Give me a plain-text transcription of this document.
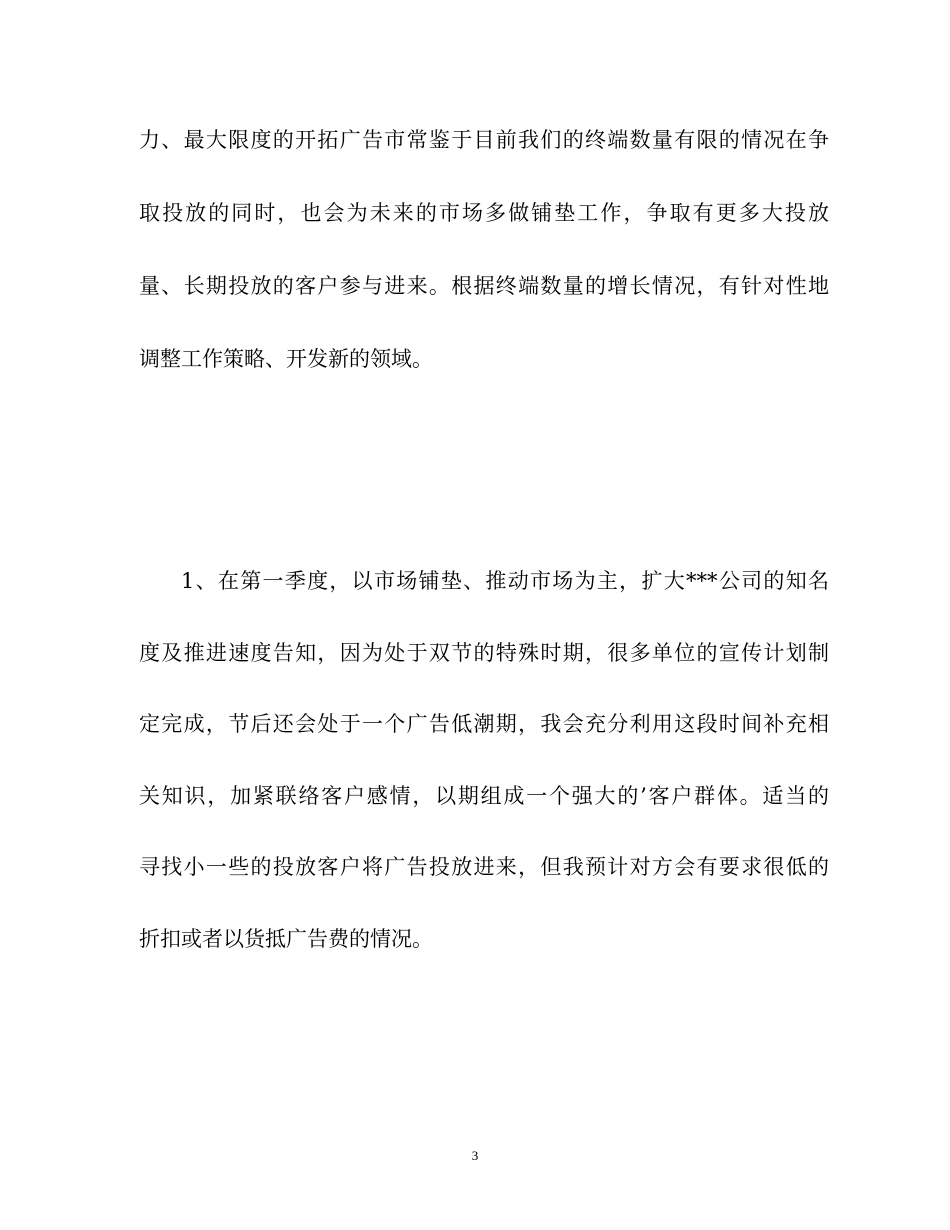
力、最大限度的开拓广告市常鉴于目前我们的终端数量有限的情况在争
取投放的同时，也会为未来的市场多做铺垫工作，争取有更多大投放
量、长期投放的客户参与进来。根据终端数量的增长情况，有针对性地
调整工作策略、开发新的领域。
1、在第一季度，以市场铺垫、推动市场为主，扩大***公司的知名
度及推进速度告知，因为处于双节的特殊时期，很多单位的宣传计划制
定完成，节后还会处于一个广告低潮期，我会充分利用这段时间补充相
关知识，加紧联络客户感情，以期组成一个强大的’客户群体。适当的
寻找小一些的投放客户将广告投放进来，但我预计对方会有要求很低的
折扣或者以货抵广告费的情况。
3
